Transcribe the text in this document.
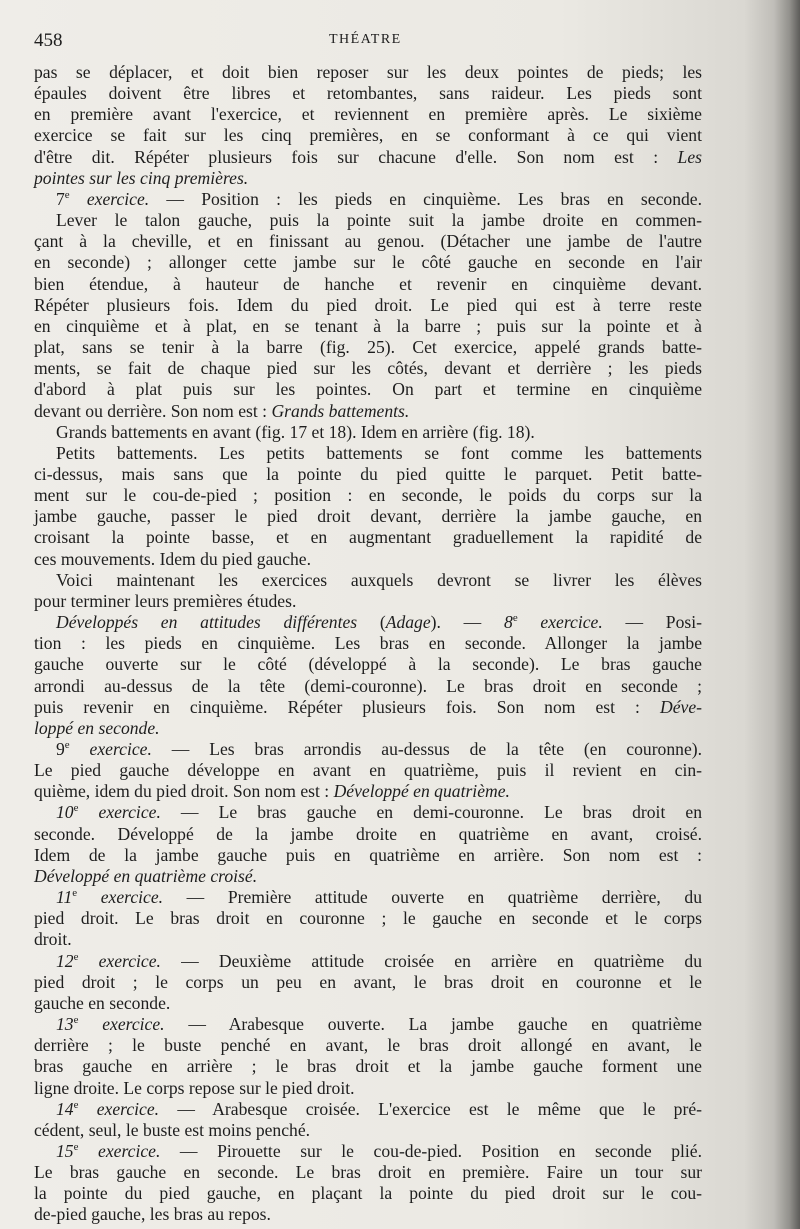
458	THÉATRE
pas se déplacer, et doit bien reposer sur les deux pointes de pieds; les
épaules doivent être libres et retombantes, sans raideur. Les pieds sont
en première avant l'exercice, et reviennent en première après. Le sixième
exercice se fait sur les cinq premières, en se conformant à ce qui vient
d'être dit. Répéter plusieurs fois sur chacune d'elle. Son nom est : Les
pointes sur les cinq premières.
7e exercice. — Position : les pieds en cinquième. Les bras en seconde.
Lever le talon gauche, puis la pointe suit la jambe droite en commen-
çant à la cheville, et en finissant au genou. (Détacher une jambe de l'autre
en seconde) ; allonger cette jambe sur le côté gauche en seconde en l'air
bien étendue, à hauteur de hanche et revenir en cinquième devant.
Répéter plusieurs fois. Idem du pied droit. Le pied qui est à terre reste
en cinquième et à plat, en se tenant à la barre ; puis sur la pointe et à
plat, sans se tenir à la barre (fig. 25). Cet exercice, appelé grands batte-
ments, se fait de chaque pied sur les côtés, devant et derrière ; les pieds
d'abord à plat puis sur les pointes. On part et termine en cinquième
devant ou derrière. Son nom est : Grands battements.
Grands battements en avant (fig. 17 et 18). Idem en arrière (fig. 18).
Petits battements. Les petits battements se font comme les battements
ci-dessus, mais sans que la pointe du pied quitte le parquet. Petit batte-
ment sur le cou-de-pied ; position : en seconde, le poids du corps sur la
jambe gauche, passer le pied droit devant, derrière la jambe gauche, en
croisant la pointe basse, et en augmentant graduellement la rapidité de
ces mouvements. Idem du pied gauche.
Voici maintenant les exercices auxquels devront se livrer les élèves
pour terminer leurs premières études.
Développés en attitudes différentes (Adage). — 8e exercice. — Posi-
tion : les pieds en cinquième. Les bras en seconde. Allonger la jambe
gauche ouverte sur le côté (développé à la seconde). Le bras gauche
arrondi au-dessus de la tête (demi-couronne). Le bras droit en seconde ;
puis revenir en cinquième. Répéter plusieurs fois. Son nom est : Déve-
loppé en seconde.
9e exercice. — Les bras arrondis au-dessus de la tête (en couronne).
Le pied gauche développe en avant en quatrième, puis il revient en cin-
quième, idem du pied droit. Son nom est : Développé en quatrième.
10e exercice. — Le bras gauche en demi-couronne. Le bras droit en
seconde. Développé de la jambe droite en quatrième en avant, croisé.
Idem de la jambe gauche puis en quatrième en arrière. Son nom est :
Développé en quatrième croisé.
11e exercice. — Première attitude ouverte en quatrième derrière, du
pied droit. Le bras droit en couronne ; le gauche en seconde et le corps
droit.
12e exercice. — Deuxième attitude croisée en arrière en quatrième du
pied droit ; le corps un peu en avant, le bras droit en couronne et le
gauche en seconde.
13e exercice. — Arabesque ouverte. La jambe gauche en quatrième
derrière ; le buste penché en avant, le bras droit allongé en avant, le
bras gauche en arrière ; le bras droit et la jambe gauche forment une
ligne droite. Le corps repose sur le pied droit.
14e exercice. — Arabesque croisée. L'exercice est le même que le pré-
cédent, seul, le buste est moins penché.
15e exercice. — Pirouette sur le cou-de-pied. Position en seconde plié.
Le bras gauche en seconde. Le bras droit en première. Faire un tour sur
la pointe du pied gauche, en plaçant la pointe du pied droit sur le cou-
de-pied gauche, les bras au repos.
